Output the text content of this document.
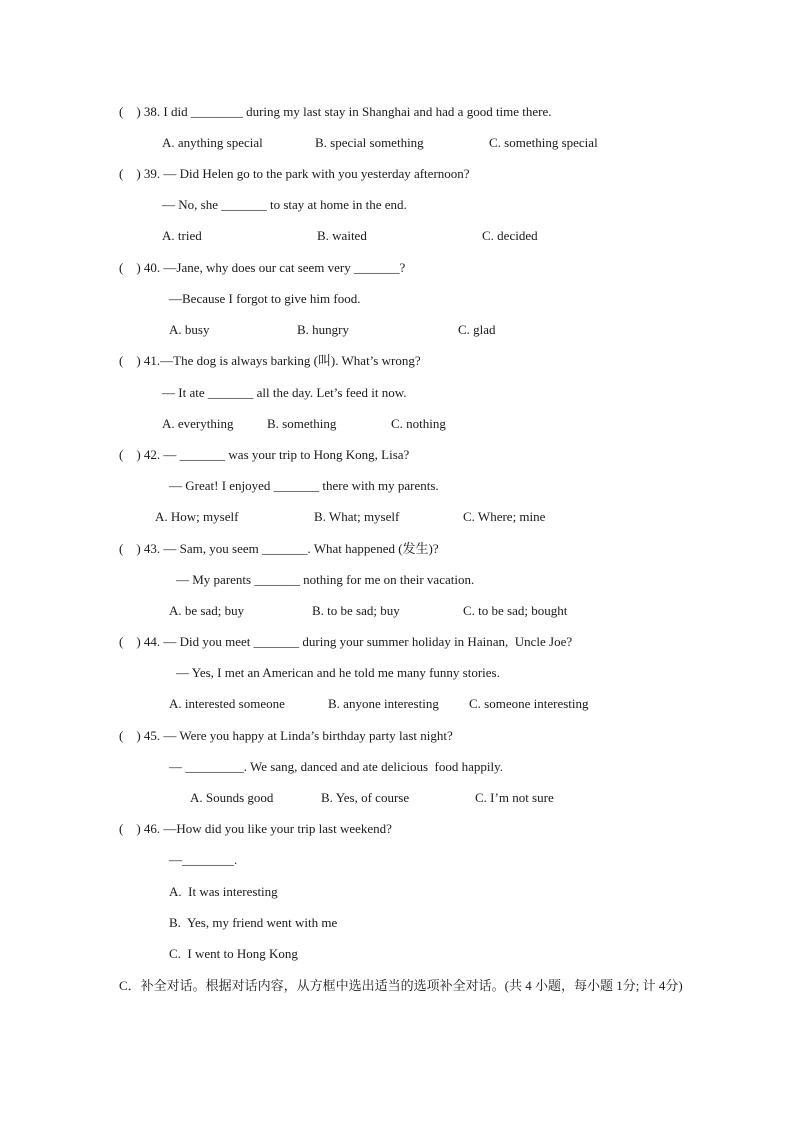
(    ) 38. I did ________ during my last stay in Shanghai and had a good time there.
A. anything special	B. special something	C. something special
(    ) 39. — Did Helen go to the park with you yesterday afternoon?
— No, she _______ to stay at home in the end.
A. tried	B. waited	C. decided
(    ) 40. —Jane, why does our cat seem very _______?
—Because I forgot to give him food.
A. busy	B. hungry	C. glad
(    ) 41.—The dog is always barking (叫). What’s wrong?
— It ate _______ all the day. Let’s feed it now.
A. everything	B. something	C. nothing
(    ) 42. — _______ was your trip to Hong Kong, Lisa?
— Great! I enjoyed _______ there with my parents.
A. How; myself	B. What; myself	C. Where; mine
(    ) 43. — Sam, you seem _______. What happened (发生)?
— My parents _______ nothing for me on their vacation.
A. be sad; buy	B. to be sad; buy	C. to be sad; bought
(    ) 44. — Did you meet _______ during your summer holiday in Hainan,  Uncle Joe?
— Yes, I met an American and he told me many funny stories.
A. interested someone	B. anyone interesting C. someone interesting
(    ) 45. — Were you happy at Linda’s birthday party last night?
— _________. We sang, danced and ate delicious  food happily.
A. Sounds good	B. Yes, of course	C. I’m not sure
(    ) 46. —How did you like your trip last weekend?
—________.
A.  It was interesting
B.  Yes, my friend went with me
C.  I went to Hong Kong
C．补全对话。根据对话内容，从方框中选出适当的选项补全对话。(共 4 小题，每小题 1分; 计 4分)
